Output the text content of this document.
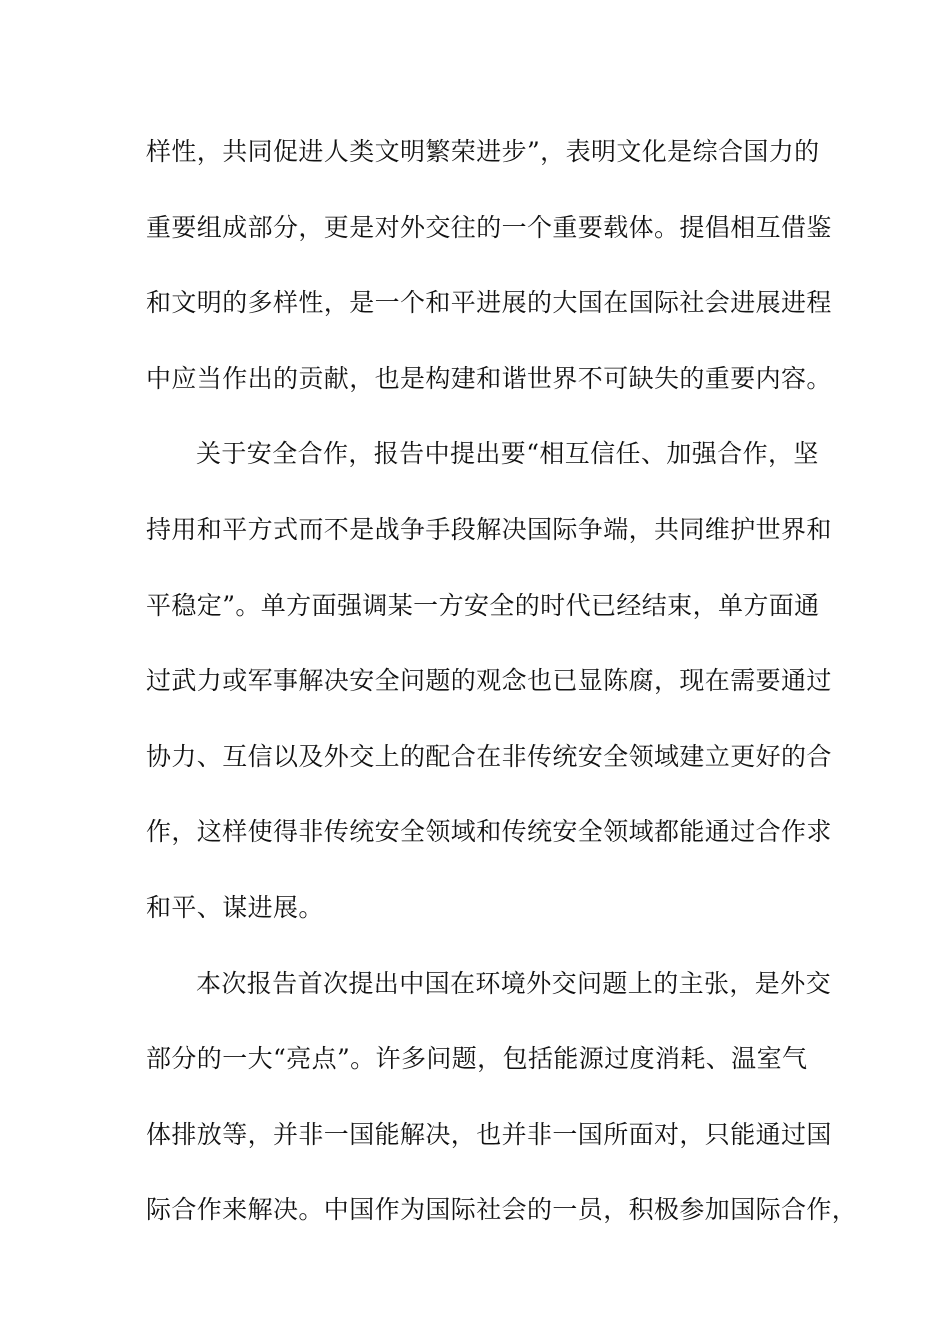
样性，共同促进人类文明繁荣进步”，表明文化是综合国力的
重要组成部分，更是对外交往的一个重要载体。提倡相互借鉴
和文明的多样性，是一个和平进展的大国在国际社会进展进程
中应当作出的贡献，也是构建和谐世界不可缺失的重要内容。
关于安全合作，报告中提出要“相互信任、加强合作，坚
持用和平方式而不是战争手段解决国际争端，共同维护世界和
平稳定”。单方面强调某一方安全的时代已经结束，单方面通
过武力或军事解决安全问题的观念也已显陈腐，现在需要通过
协力、互信以及外交上的配合在非传统安全领域建立更好的合
作，这样使得非传统安全领域和传统安全领域都能通过合作求
和平、谋进展。
本次报告首次提出中国在环境外交问题上的主张，是外交
部分的一大“亮点”。许多问题，包括能源过度消耗、温室气
体排放等，并非一国能解决，也并非一国所面对，只能通过国
际合作来解决。中国作为国际社会的一员，积极参加国际合作，
